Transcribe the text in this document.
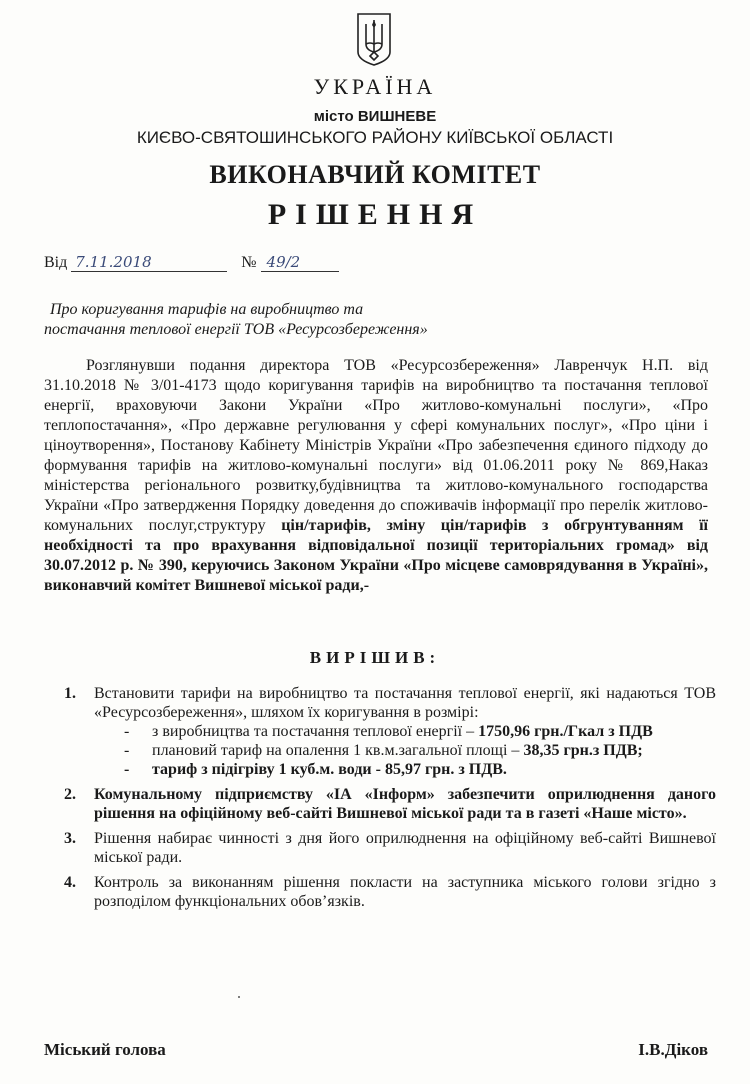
УКРАЇНА
місто ВИШНЕВЕ
КИЄВО-СВЯТОШИНСЬКОГО РАЙОНУ КИЇВСЬКОЇ ОБЛАСТІ
ВИКОНАВЧИЙ КОМІТЕТ
РІШЕННЯ
Від 7.11.2018	№ 49/2
Про коригування тарифів на виробництво та
постачання теплової енергії ТОВ «Ресурсозбереження»

Розглянувши подання директора ТОВ «Ресурсозбереження» Лавренчук Н.П. від 31.10.2018 № 3/01-4173 щодо коригування тарифів на виробництво та постачання теплової енергії, враховуючи Закони України «Про житлово-комунальні послуги», «Про теплопостачання», «Про державне регулювання у сфері комунальних послуг», «Про ціни і ціноутворення», Постанову Кабінету Міністрів України «Про забезпечення єдиного підходу до формування тарифів на житлово-комунальні послуги» від 01.06.2011 року № 869,Наказ міністерства регіонального розвитку,будівництва та житлово-комунального господарства України «Про затвердження Порядку доведення до споживачів інформації про перелік житлово-комунальних послуг,структуру цін/тарифів, зміну цін/тарифів з обгрунтуванням її необхідності та про врахування відповідальної позиції територіальних громад» від 30.07.2012 р. № 390, керуючись Законом України «Про місцеве самоврядування в Україні», виконавчий комітет Вишневої міської ради,-

ВИРІШИВ:
1. Встановити тарифи на виробництво та постачання теплової енергії, які надаються ТОВ «Ресурсозбереження», шляхом їх коригування в розмірі:
- з виробництва та постачання теплової енергії – 1750,96 грн./Гкал з ПДВ
- плановий тариф на опалення 1 кв.м.загальної площі – 38,35 грн.з ПДВ;
- тариф з підігріву 1 куб.м. води - 85,97 грн. з ПДВ.
2. Комунальному підприємству «ІА «Інформ» забезпечити оприлюднення даного рішення на офіційному веб-сайті Вишневої міської ради та в газеті «Наше місто».
3. Рішення набирає чинності з дня його оприлюднення на офіційному веб-сайті Вишневої міської ради.
4. Контроль за виконанням рішення покласти на заступника міського голови згідно з розподілом функціональних обов’язків.
Міський голова	І.В.Діков
